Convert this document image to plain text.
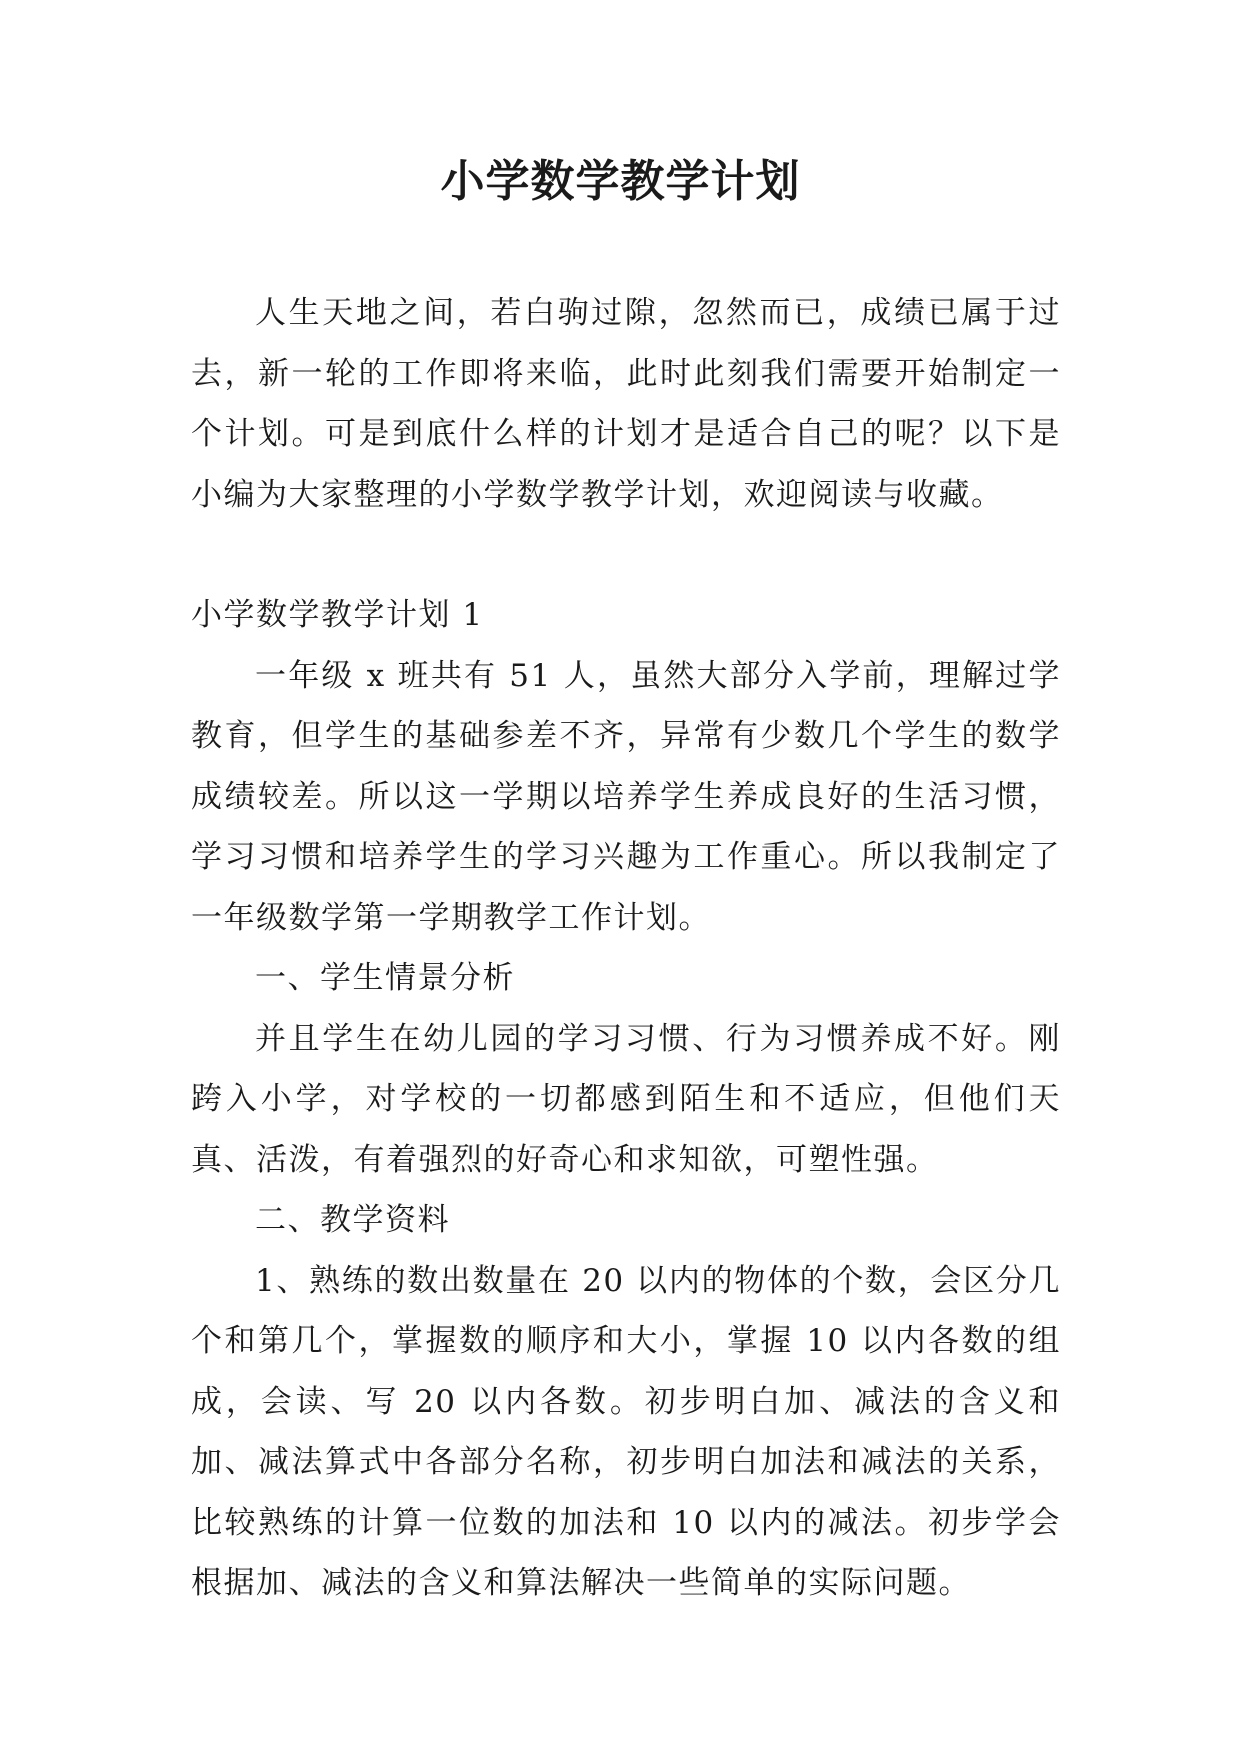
小学数学教学计划

人生天地之间，若白驹过隙，忽然而已，成绩已属于过去，新一轮的工作即将来临，此时此刻我们需要开始制定一个计划。可是到底什么样的计划才是适合自己的呢？以下是小编为大家整理的小学数学教学计划，欢迎阅读与收藏。

小学数学教学计划 1

一年级 x 班共有 51 人，虽然大部分入学前，理解过学教育，但学生的基础参差不齐，异常有少数几个学生的数学成绩较差。所以这一学期以培养学生养成良好的生活习惯，学习习惯和培养学生的学习兴趣为工作重心。所以我制定了一年级数学第一学期教学工作计划。

一、学生情景分析

并且学生在幼儿园的学习习惯、行为习惯养成不好。刚跨入小学，对学校的一切都感到陌生和不适应，但他们天真、活泼，有着强烈的好奇心和求知欲，可塑性强。

二、教学资料

1、熟练的数出数量在 20 以内的物体的个数，会区分几个和第几个，掌握数的顺序和大小，掌握 10 以内各数的组成，会读、写 20 以内各数。初步明白加、减法的含义和加、减法算式中各部分名称，初步明白加法和减法的关系，比较熟练的计算一位数的加法和 10 以内的减法。初步学会根据加、减法的含义和算法解决一些简单的实际问题。
